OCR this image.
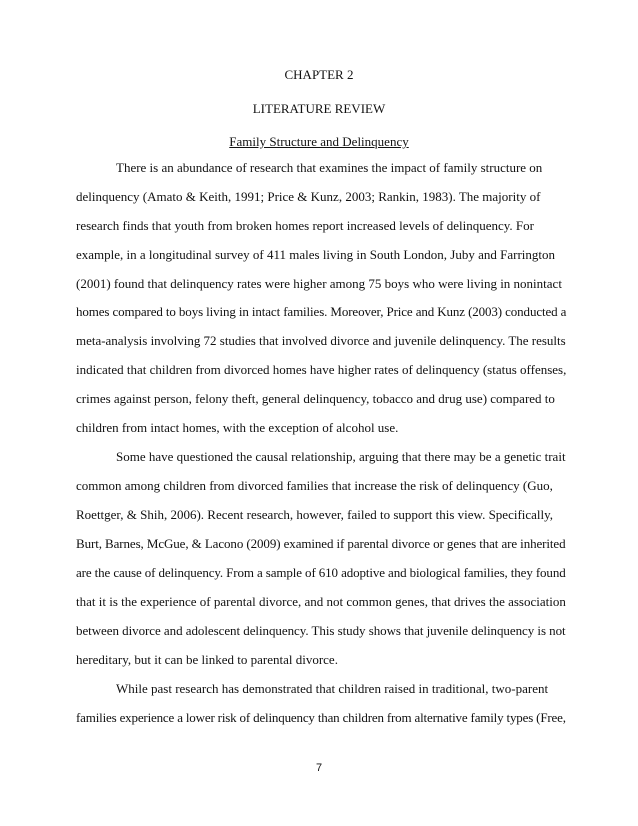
CHAPTER 2
LITERATURE REVIEW
Family Structure and Delinquency
There is an abundance of research that examines the impact of family structure on
delinquency (Amato & Keith, 1991; Price & Kunz, 2003; Rankin, 1983). The majority of
research finds that youth from broken homes report increased levels of delinquency. For
example, in a longitudinal survey of 411 males living in South London, Juby and Farrington
(2001) found that delinquency rates were higher among 75 boys who were living in nonintact
homes compared to boys living in intact families. Moreover, Price and Kunz (2003) conducted a
meta-analysis involving 72 studies that involved divorce and juvenile delinquency. The results
indicated that children from divorced homes have higher rates of delinquency (status offenses,
crimes against person, felony theft, general delinquency, tobacco and drug use) compared to
children from intact homes, with the exception of alcohol use.
Some have questioned the causal relationship, arguing that there may be a genetic trait
common among children from divorced families that increase the risk of delinquency (Guo,
Roettger, & Shih, 2006). Recent research, however, failed to support this view. Specifically,
Burt, Barnes, McGue, & Lacono (2009) examined if parental divorce or genes that are inherited
are the cause of delinquency. From a sample of 610 adoptive and biological families, they found
that it is the experience of parental divorce, and not common genes, that drives the association
between divorce and adolescent delinquency. This study shows that juvenile delinquency is not
hereditary, but it can be linked to parental divorce.
While past research has demonstrated that children raised in traditional, two-parent
families experience a lower risk of delinquency than children from alternative family types (Free,
7
